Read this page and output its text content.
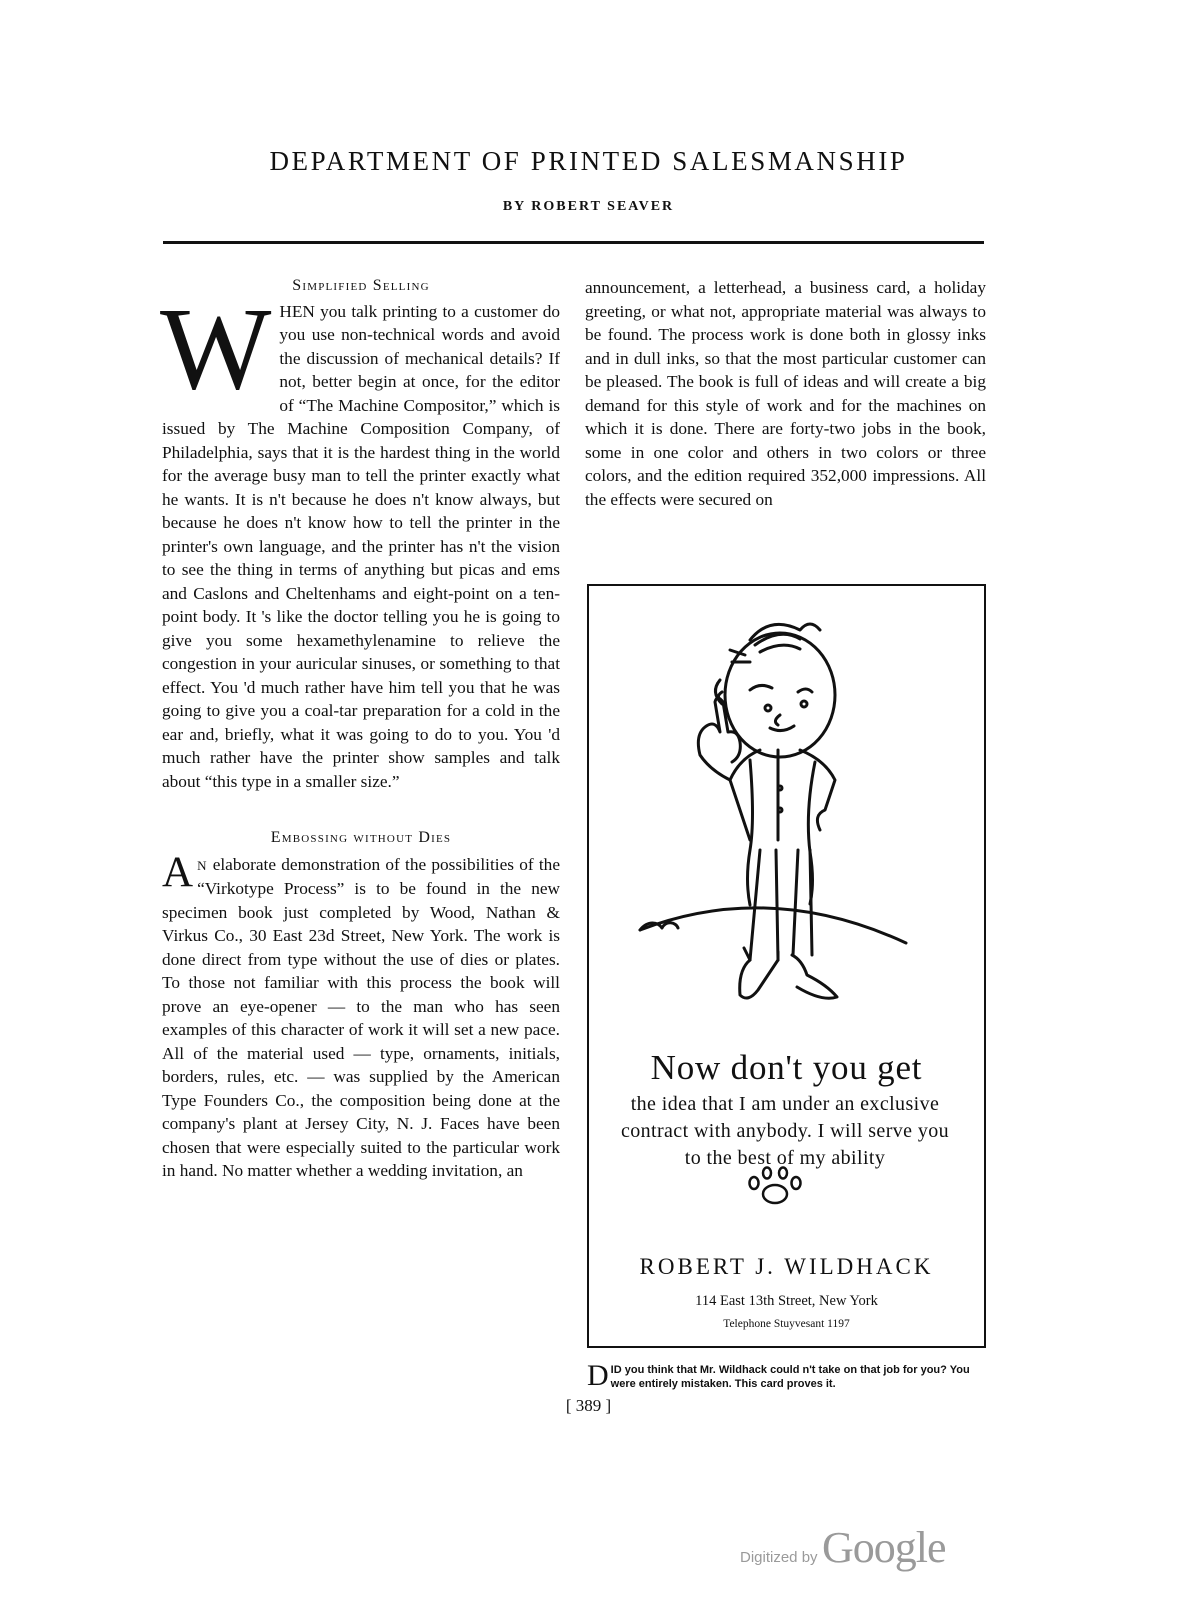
DEPARTMENT OF PRINTED SALESMANSHIP
BY ROBERT SEAVER

Simplified Selling

WHEN you talk printing to a customer do you use non-technical words and avoid the discussion of mechanical details? If not, better begin at once, for the editor of “The Machine Compositor,” which is issued by The Machine Composition Company, of Philadelphia, says that it is the hardest thing in the world for the average busy man to tell the printer exactly what he wants. It is n't because he does n't know always, but because he does n't know how to tell the printer in the printer's own language, and the printer has n't the vision to see the thing in terms of anything but picas and ems and Caslons and Cheltenhams and eight-point on a ten-point body. It 's like the doctor telling you he is going to give you some hexamethylenamine to relieve the congestion in your auricular sinuses, or something to that effect. You 'd much rather have him tell you that he was going to give you a coal-tar preparation for a cold in the ear and, briefly, what it was going to do to you. You 'd much rather have the printer show samples and talk about “this type in a smaller size.”

Embossing without Dies

A N elaborate demonstration of the possibilities of the “Virkotype Process” is to be found in the new specimen book just completed by Wood, Nathan & Virkus Co., 30 East 23d Street, New York. The work is done direct from type without the use of dies or plates. To those not familiar with this process the book will prove an eye-opener — to the man who has seen examples of this character of work it will set a new pace. All of the material used — type, ornaments, initials, borders, rules, etc. — was supplied by the American Type Founders Co., the composition being done at the company's plant at Jersey City, N. J. Faces have been chosen that were especially suited to the particular work in hand. No matter whether a wedding invitation, an

announcement, a letterhead, a business card, a holiday greeting, or what not, appropriate material was always to be found. The process work is done both in glossy inks and in dull inks, so that the most particular customer can be pleased. The book is full of ideas and will create a big demand for this style of work and for the machines on which it is done. There are forty-two jobs in the book, some in one color and others in two colors or three colors, and the edition required 352,000 impressions. All the effects were secured on

Now don't you get
the idea that I am under an exclusive contract with anybody. I will serve you to the best of my ability
ROBERT J. WILDHACK
114 East 13th Street, New York
Telephone Stuyvesant 1197
DID you think that Mr. Wildhack could n't take on that job for you? You were entirely mistaken. This card proves it.
[ 389 ]
Digitized by Google
